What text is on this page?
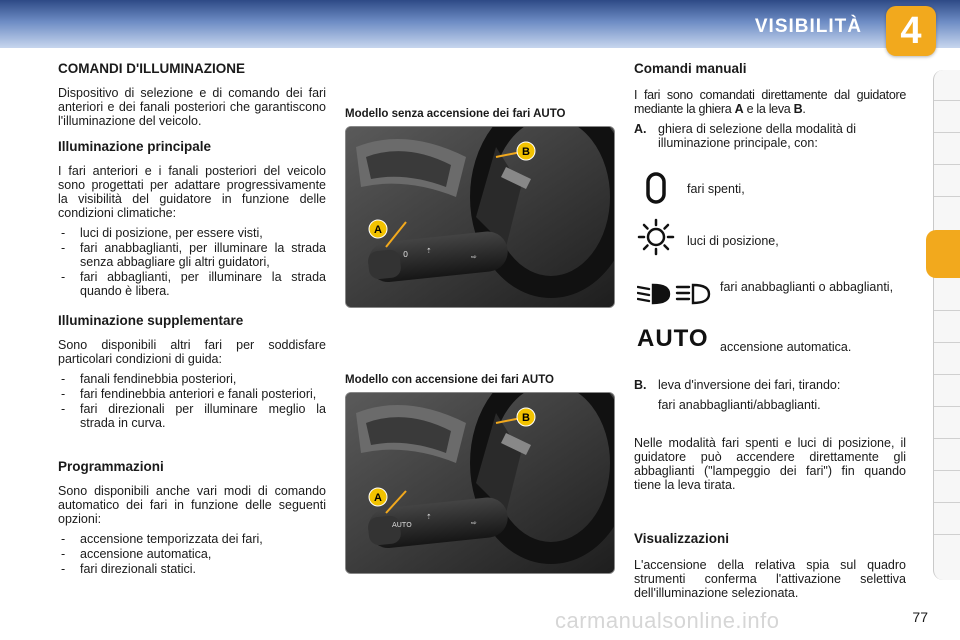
VISIBILITÀ	4
COMANDI D'ILLUMINAZIONE

Dispositivo di selezione e di comando dei fari anteriori e dei fanali posteriori che garantiscono l'illuminazione del veicolo.

Illuminazione principale

I fari anteriori e i fanali posteriori del veicolo sono progettati per adattare progressivamente la visibilità del guidatore in funzione delle condizioni climatiche:

- luci di posizione, per essere visti,
- fari anabbaglianti, per illuminare la strada senza abbagliare gli altri guidatori,
- fari abbaglianti, per illuminare la strada quando è libera.
Illuminazione supplementare

Sono disponibili altri fari per soddisfare particolari condizioni di guida:

- fanali fendinebbia posteriori,
- fari fendinebbia anteriori e fanali posteriori,
- fari direzionali per illuminare meglio la strada in curva.
Programmazioni

Sono disponibili anche vari modi di comando automatico dei fari in funzione delle seguenti opzioni:

- accensione temporizzata dei fari,
- accensione automatica,
- fari direzionali statici.
Modello senza accensione dei fari AUTO
0	⇡
⇨
B
A
Modello con accensione dei fari AUTO
AUTO
⇡
⇨
B
A
Comandi manuali

I fari sono comandati direttamente dal guidatore mediante la ghiera A e la leva B.

A. ghiera di selezione della modalità di illuminazione principale, con:
fari spenti,
luci di posizione,
fari anabbaglianti o abbaglianti,
AUTO accensione automatica.
B. leva d'inversione dei fari, tirando:

fari anabbaglianti/abbaglianti.

Nelle modalità fari spenti e luci di posizione, il guidatore può accendere direttamente gli abbaglianti ("lampeggio dei fari") fin quando tiene la leva tirata.

Visualizzazioni

L'accensione della relativa spia sul quadro strumenti conferma l'attivazione selettiva dell'illuminazione selezionata.

carmanualsonline.info	77
